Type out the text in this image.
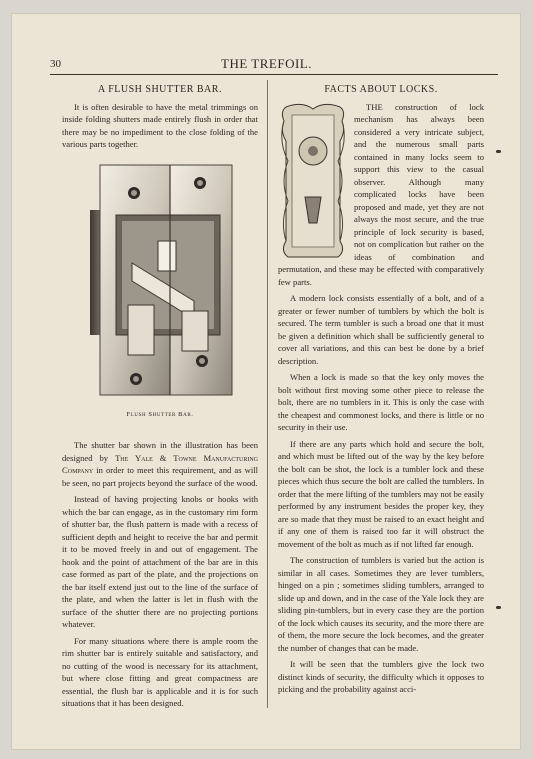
30	THE TREFOIL.
A FLUSH SHUTTER BAR.

It is often desirable to have the metal trimmings on inside folding shutters made entirely flush in order that there may be no impediment to the close folding of the various parts together.

Flush Shutter Bar.

The shutter bar shown in the illustration has been designed by The Yale & Towne Manufacturing Company in order to meet this requirement, and as will be seen, no part projects beyond the surface of the wood.

Instead of having projecting knobs or hooks with which the bar can engage, as in the customary rim form of shutter bar, the flush pattern is made with a recess of sufficient depth and height to receive the bar and permit it to be moved freely in and out of engagement. The hook and the point of attachment of the bar are in this case formed as part of the plate, and the projections on the bar itself extend just out to the line of the surface of the plate, and when the latter is let in flush with the surface of the shutter there are no projecting portions whatever.

For many situations where there is ample room the rim shutter bar is entirely suitable and satisfactory, and no cutting of the wood is necessary for its attachment, but where close fitting and great compactness are essential, the flush bar is applicable and it is for such situations that it has been designed.

FACTS ABOUT LOCKS.

THE construction of lock mechanism has always been considered a very intricate subject, and the numerous small parts contained in many locks seem to support this view to the casual observer. Although many complicated locks have been proposed and made, yet they are not always the most secure, and the true principle of lock security is based, not on complication but rather on the ideas of combination and permutation, and these may be effected with comparatively few parts.

A modern lock consists essentially of a bolt, and of a greater or fewer number of tumblers by which the bolt is secured. The term tumbler is such a broad one that it must be given a definition which shall be sufficiently general to cover all variations, and this can best be done by a brief description.

When a lock is made so that the key only moves the bolt without first moving some other piece to release the bolt, there are no tumblers in it. This is only the case with the cheapest and commonest locks, and there is little or no security in their use.

If there are any parts which hold and secure the bolt, and which must be lifted out of the way by the key before the bolt can be shot, the lock is a tumbler lock and these pieces which thus secure the bolt are called the tumblers. In order that the mere lifting of the tumblers may not be easily performed by any instrument besides the proper key, they are so made that they must be raised to an exact height and if any one of them is raised too far it will obstruct the movement of the bolt as much as if not lifted far enough.

The construction of tumblers is varied but the action is similar in all cases. Sometimes they are lever tumblers, hinged on a pin ; sometimes sliding tumblers, arranged to slide up and down, and in the case of the Yale lock they are sliding pin-tumblers, but in every case they are the portion of the lock which causes its security, and the more there are of them, the more secure the lock becomes, and the greater the number of changes that can be made.

It will be seen that the tumblers give the lock two distinct kinds of security, the difficulty which it opposes to picking and the probability against acci-
